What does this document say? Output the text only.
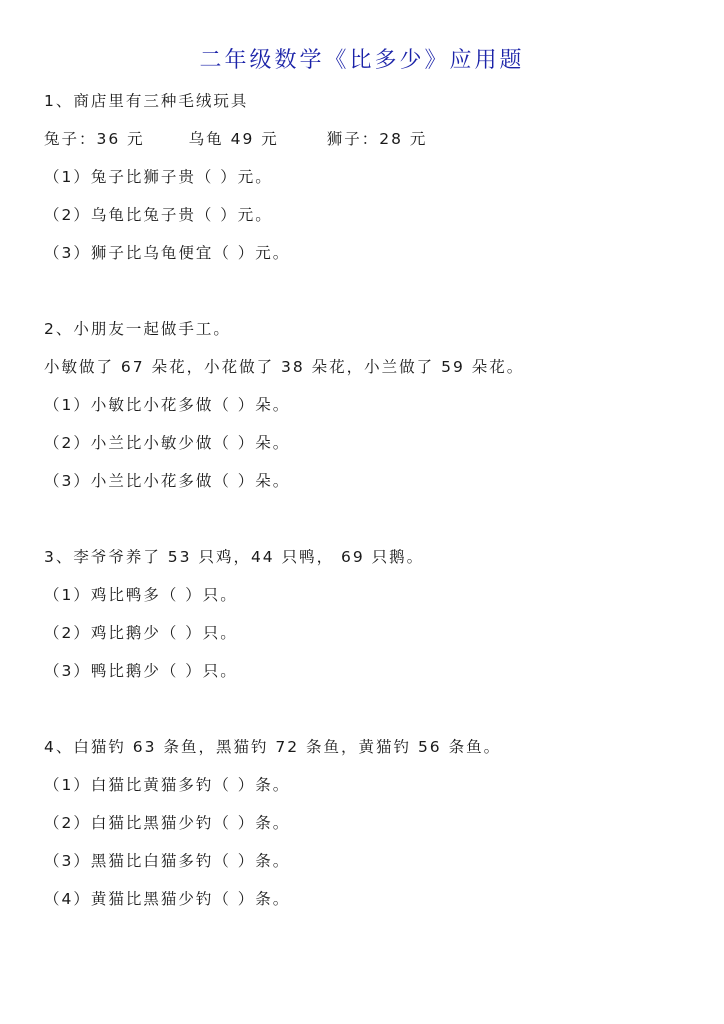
二年级数学《比多少》应用题
1、商店里有三种毛绒玩具
兔子：36 元	乌龟 49 元	狮子：28 元
（1）兔子比狮子贵（ ）元。
（2）乌龟比兔子贵（ ）元。
（3）狮子比乌龟便宜（ ）元。
2、小朋友一起做手工。
小敏做了 67 朵花，小花做了 38 朵花，小兰做了 59 朵花。
（1）小敏比小花多做（ ）朵。
（2）小兰比小敏少做（ ）朵。
（3）小兰比小花多做（ ）朵。
3、李爷爷养了 53 只鸡，44 只鸭， 69 只鹅。
（1）鸡比鸭多（ ）只。
（2）鸡比鹅少（ ）只。
（3）鸭比鹅少（ ）只。
4、白猫钓 63 条鱼，黑猫钓 72 条鱼，黄猫钓 56 条鱼。
（1）白猫比黄猫多钓（ ）条。
（2）白猫比黑猫少钓（ ）条。
（3）黑猫比白猫多钓（ ）条。
（4）黄猫比黑猫少钓（ ）条。
